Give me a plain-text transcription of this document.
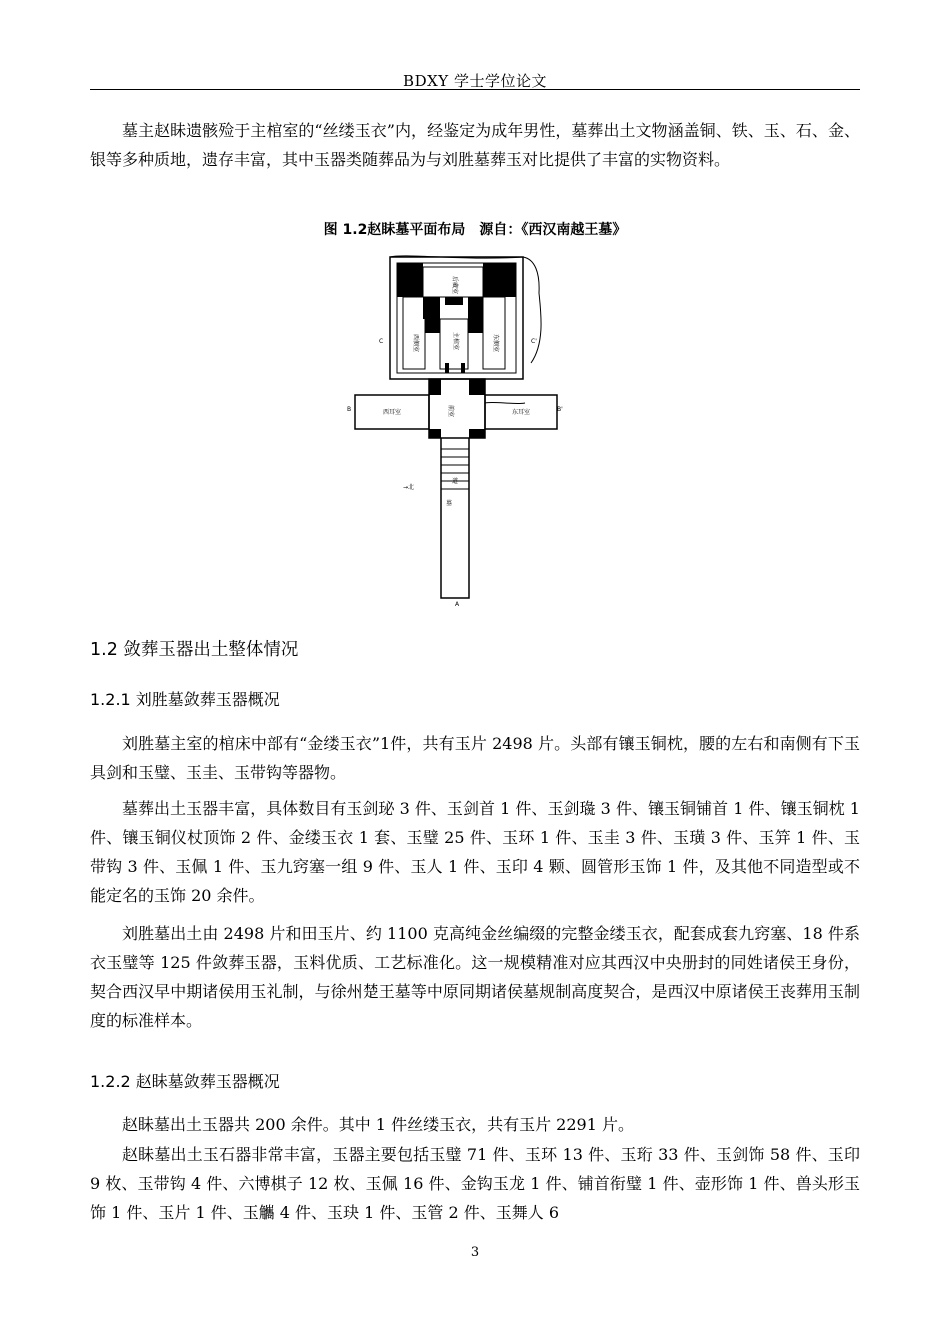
BDXY 学士学位论文
墓主赵眛遗骸殓于主棺室的“丝缕玉衣”内，经鉴定为成年男性，墓葬出土文物涵盖铜、铁、玉、石、金、银等多种质地，遗存丰富，其中玉器类随葬品为与刘胜墓葬玉对比提供了丰富的实物资料。
图 1.2赵眛墓平面布局　源自：《西汉南越王墓》
后藏室
主棺室
西侧室	东侧室
前室
西耳室	东耳室
道
墓
B	B'
C	C'
A
→北
1.2 敛葬玉器出土整体情况
1.2.1 刘胜墓敛葬玉器概况
刘胜墓主室的棺床中部有“金缕玉衣”1件，共有玉片 2498 片。头部有镶玉铜枕，腰的左右和南侧有下玉具剑和玉璧、玉圭、玉带钩等器物。
墓葬出土玉器丰富，具体数目有玉剑珌 3 件、玉剑首 1 件、玉剑璏 3 件、镶玉铜铺首 1 件、镶玉铜枕 1 件、镶玉铜仪杖顶饰 2 件、金缕玉衣 1 套、玉璧 25 件、玉环 1 件、玉圭 3 件、玉璜 3 件、玉笄 1 件、玉带钩 3 件、玉佩 1 件、玉九窍塞一组 9 件、玉人 1 件、玉印 4 颗、圆管形玉饰 1 件，及其他不同造型或不能定名的玉饰 20 余件。
刘胜墓出土由 2498 片和田玉片、约 1100 克高纯金丝编缀的完整金缕玉衣，配套成套九窍塞、18 件系衣玉璧等 125 件敛葬玉器，玉料优质、工艺标准化。这一规模精准对应其西汉中央册封的同姓诸侯王身份，契合西汉早中期诸侯用玉礼制，与徐州楚王墓等中原同期诸侯墓规制高度契合，是西汉中原诸侯王丧葬用玉制度的标准样本。
1.2.2 赵眛墓敛葬玉器概况
赵眛墓出土玉器共 200 余件。其中 1 件丝缕玉衣，共有玉片 2291 片。
赵眛墓出土玉石器非常丰富，玉器主要包括玉璧 71 件、玉环 13 件、玉珩 33 件、玉剑饰 58 件、玉印 9 枚、玉带钩 4 件、六博棋子 12 枚、玉佩 16 件、金钩玉龙 1 件、铺首衔璧 1 件、壶形饰 1 件、兽头形玉饰 1 件、玉片 1 件、玉觿 4 件、玉玦 1 件、玉管 2 件、玉舞人 6
3
